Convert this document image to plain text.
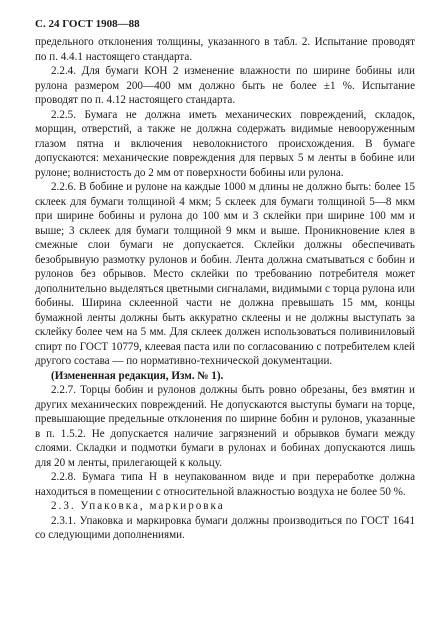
С. 24 ГОСТ 1908—88

предельного отклонения толщины, указанного в табл. 2. Испытание проводят по п. 4.4.1 настоящего стандарта.

2.2.4. Для бумаги КОН 2 изменение влажности по ширине бобины или рулона размером 200—400 мм должно быть не более ±1 %. Испытание проводят по п. 4.12 настоящего стандарта.

2.2.5. Бумага не должна иметь механических повреждений, складок, морщин, отверстий, а также не должна содержать видимые невооруженным глазом пятна и включения неволокнистого происхождения. В бумаге допускаются: механические повреждения для первых 5 м ленты в бобине или рулоне; волнистость до 2 мм от поверхности бобины или рулона.

2.2.6. В бобине и рулоне на каждые 1000 м длины не должно быть: более 15 склеек для бумаги толщиной 4 мкм; 5 склеек для бумаги толщиной 5—8 мкм при ширине бобины и рулона до 100 мм и 3 склейки при ширине 100 мм и выше; 3 склеек для бумаги толщиной 9 мкм и выше. Проникновение клея в смежные слои бумаги не допускается. Склейки должны обеспечивать безобрывную размотку рулонов и бобин. Лента должна сматываться с бобин и рулонов без обрывов. Место склейки по требованию потребителя может дополнительно выделяться цветными сигналами, видимыми с торца рулона или бобины. Ширина склеенной части не должна превышать 15 мм, концы бумажной ленты должны быть аккуратно склеены и не должны выступать за склейку более чем на 5 мм. Для склеек должен использоваться поливиниловый спирт по ГОСТ 10779, клеевая паста или по согласованию с потребителем клей другого состава — по нормативно-технической документации.

(Измененная редакция, Изм. № 1).

2.2.7. Торцы бобин и рулонов должны быть ровно обрезаны, без вмятин и других механических повреждений. Не допускаются выступы бумаги на торце, превышающие предельные отклонения по ширине бобин и рулонов, указанные в п. 1.5.2. Не допускается наличие загрязнений и обрывков бумаги между слоями. Складки и подмотки бумаги в рулонах и бобинах допускаются лишь для 20 м ленты, прилегающей к кольцу.

2.2.8. Бумага типа Н в неупакованном виде и при переработке должна находиться в помещении с относительной влажностью воздуха не более 50 %.

2.3. Упаковка, маркировка

2.3.1. Упаковка и маркировка бумаги должны производиться по ГОСТ 1641 со следующими дополнениями.
